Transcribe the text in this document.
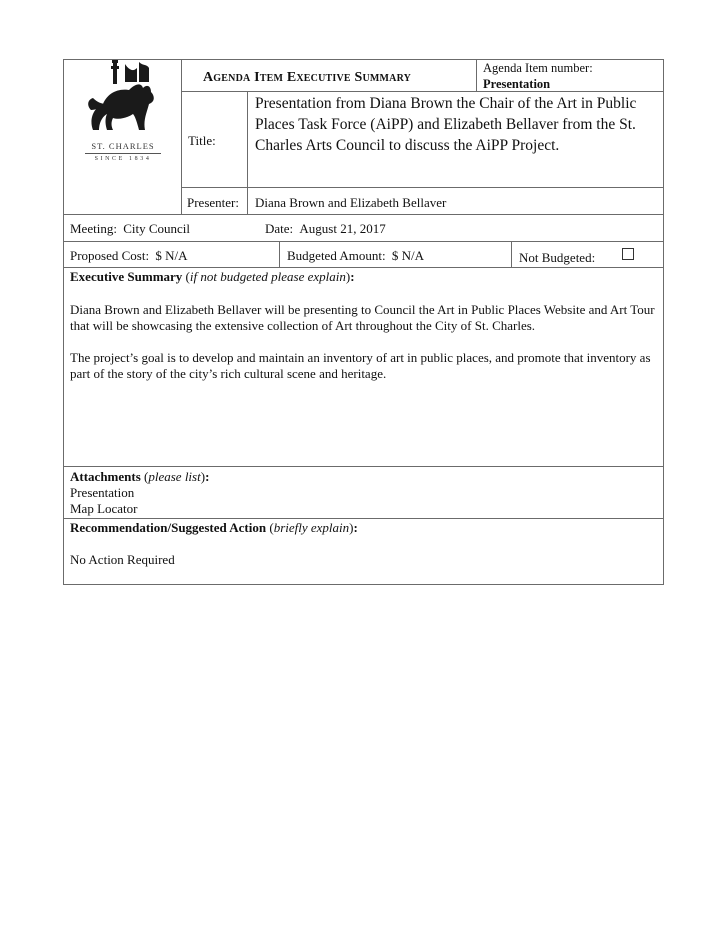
ST. CHARLES
SINCE 1834
Agenda Item Executive Summary
Agenda Item number:
Presentation
Title:
Presentation from Diana Brown the Chair of the Art in Public Places Task Force (AiPP) and Elizabeth Bellaver from the St. Charles Arts Council to discuss the AiPP Project.
Presenter: Diana Brown and Elizabeth Bellaver
Meeting: City Council	Date: August 21, 2017
Proposed Cost: $ N/A	Budgeted Amount: $ N/A	Not Budgeted:
Executive Summary (if not budgeted please explain):
Diana Brown and Elizabeth Bellaver will be presenting to Council the Art in Public Places Website and Art Tour that will be showcasing the extensive collection of Art throughout the City of St. Charles.
The project’s goal is to develop and maintain an inventory of art in public places, and promote that inventory as part of the story of the city’s rich cultural scene and heritage.
Attachments (please list):
Presentation
Map Locator
Recommendation/Suggested Action (briefly explain):
No Action Required
